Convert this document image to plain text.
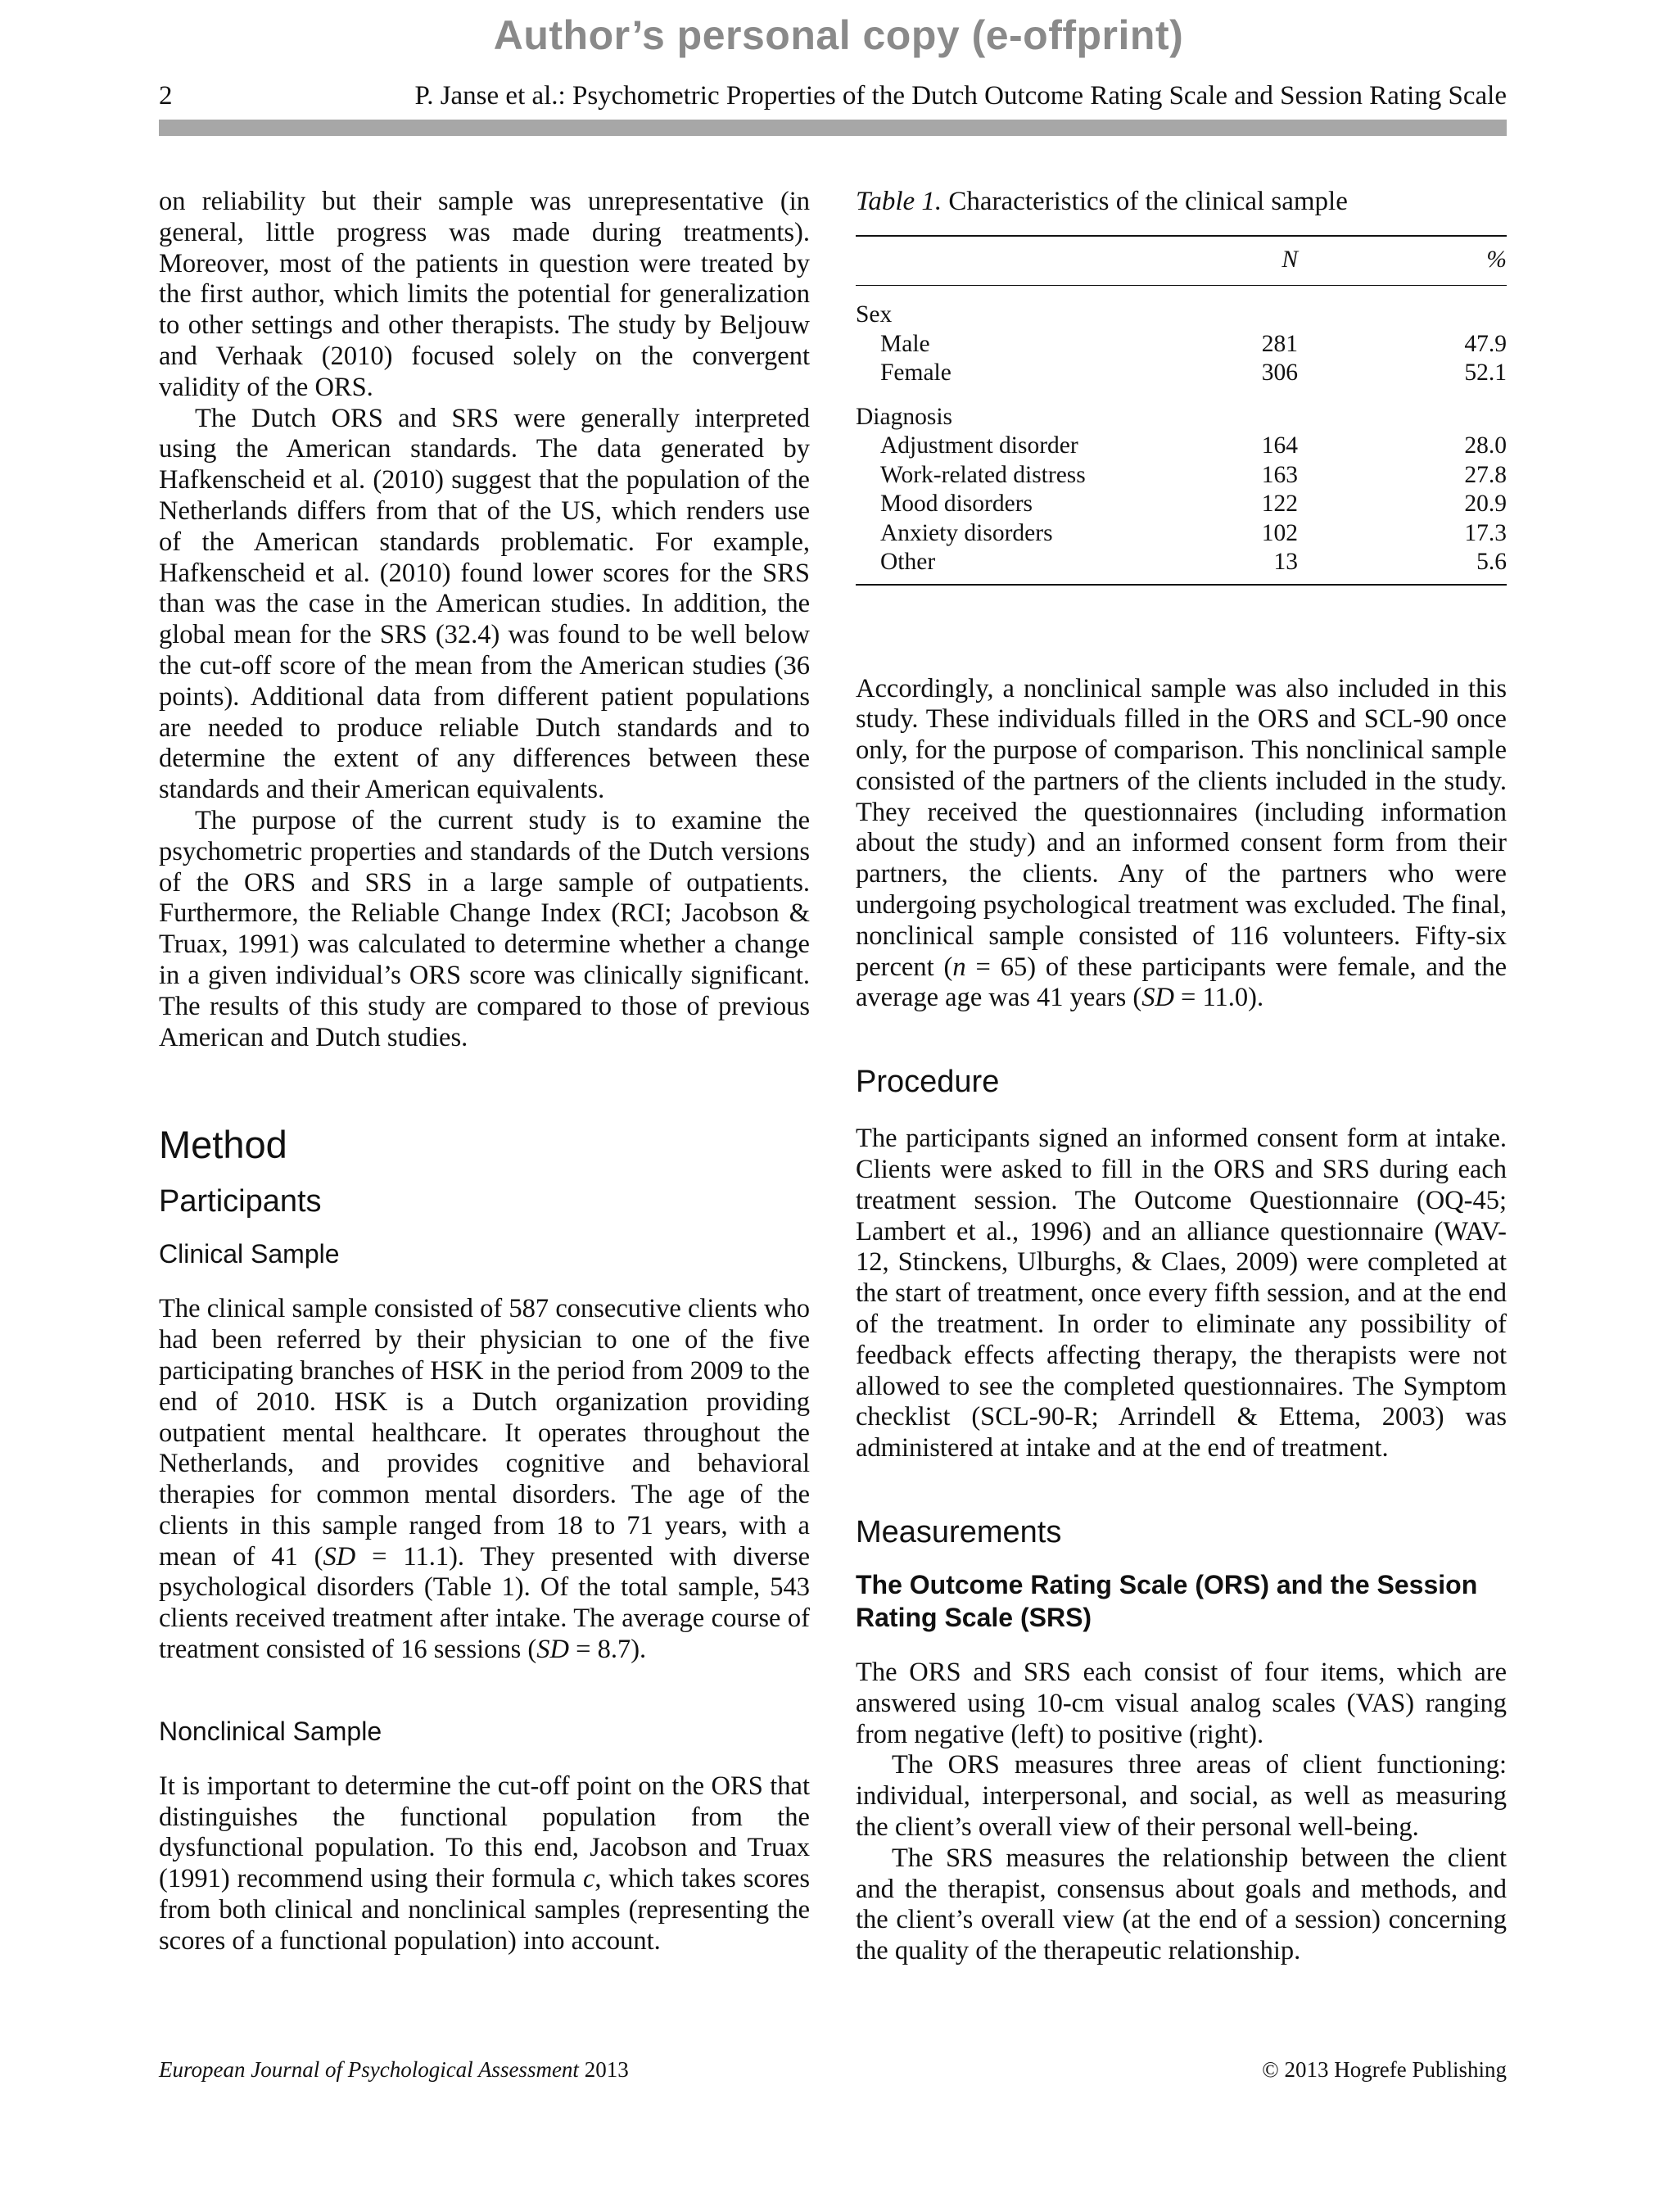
Author’s personal copy (e-offprint)
2	P. Janse et al.: Psychometric Properties of the Dutch Outcome Rating Scale and Session Rating Scale

on reliability but their sample was unrepresentative (in general, little progress was made during treatments). Moreover, most of the patients in question were treated by the first author, which limits the potential for generalization to other settings and other therapists. The study by Beljouw and Verhaak (2010) focused solely on the convergent validity of the ORS.

The Dutch ORS and SRS were generally interpreted using the American standards. The data generated by Hafkenscheid et al. (2010) suggest that the population of the Netherlands differs from that of the US, which renders use of the American standards problematic. For example, Hafkenscheid et al. (2010) found lower scores for the SRS than was the case in the American studies. In addition, the global mean for the SRS (32.4) was found to be well below the cut-off score of the mean from the American studies (36 points). Additional data from different patient populations are needed to produce reliable Dutch standards and to determine the extent of any differences between these standards and their American equivalents.

The purpose of the current study is to examine the psychometric properties and standards of the Dutch versions of the ORS and SRS in a large sample of outpatients. Furthermore, the Reliable Change Index (RCI; Jacobson & Truax, 1991) was calculated to determine whether a change in a given individual’s ORS score was clinically significant. The results of this study are compared to those of previous American and Dutch studies.

Method
Participants
Clinical Sample

The clinical sample consisted of 587 consecutive clients who had been referred by their physician to one of the five participating branches of HSK in the period from 2009 to the end of 2010. HSK is a Dutch organization providing outpatient mental healthcare. It operates throughout the Netherlands, and provides cognitive and behavioral therapies for common mental disorders. The age of the clients in this sample ranged from 18 to 71 years, with a mean of 41 (SD = 11.1). They presented with diverse psychological disorders (Table 1). Of the total sample, 543 clients received treatment after intake. The average course of treatment consisted of 16 sessions (SD = 8.7).

Nonclinical Sample

It is important to determine the cut-off point on the ORS that distinguishes the functional population from the dysfunctional population. To this end, Jacobson and Truax (1991) recommend using their formula c, which takes scores from both clinical and nonclinical samples (representing the scores of a functional population) into account.

Table 1. Characteristics of the clinical sample

	N	%

Sex		
Male	281	47.9
Female	306	52.1

Diagnosis		
Adjustment disorder	164	28.0
Work-related distress	163	27.8
Mood disorders	122	20.9
Anxiety disorders	102	17.3
Other	13	5.6

Accordingly, a nonclinical sample was also included in this study. These individuals filled in the ORS and SCL-90 once only, for the purpose of comparison. This nonclinical sample consisted of the partners of the clients included in the study. They received the questionnaires (including information about the study) and an informed consent form from their partners, the clients. Any of the partners who were undergoing psychological treatment was excluded. The final, nonclinical sample consisted of 116 volunteers. Fifty-six percent (n = 65) of these participants were female, and the average age was 41 years (SD = 11.0).

Procedure

The participants signed an informed consent form at intake. Clients were asked to fill in the ORS and SRS during each treatment session. The Outcome Questionnaire (OQ-45; Lambert et al., 1996) and an alliance questionnaire (WAV-12, Stinckens, Ulburghs, & Claes, 2009) were completed at the start of treatment, once every fifth session, and at the end of the treatment. In order to eliminate any possibility of feedback effects affecting therapy, the therapists were not allowed to see the completed questionnaires. The Symptom checklist (SCL-90-R; Arrindell & Ettema, 2003) was administered at intake and at the end of treatment.

Measurements
The Outcome Rating Scale (ORS) and the Session Rating Scale (SRS)

The ORS and SRS each consist of four items, which are answered using 10-cm visual analog scales (VAS) ranging from negative (left) to positive (right).

The ORS measures three areas of client functioning: individual, interpersonal, and social, as well as measuring the client’s overall view of their personal well-being.

The SRS measures the relationship between the client and the therapist, consensus about goals and methods, and the client’s overall view (at the end of a session) concerning the quality of the therapeutic relationship.

European Journal of Psychological Assessment 2013	© 2013 Hogrefe Publishing
